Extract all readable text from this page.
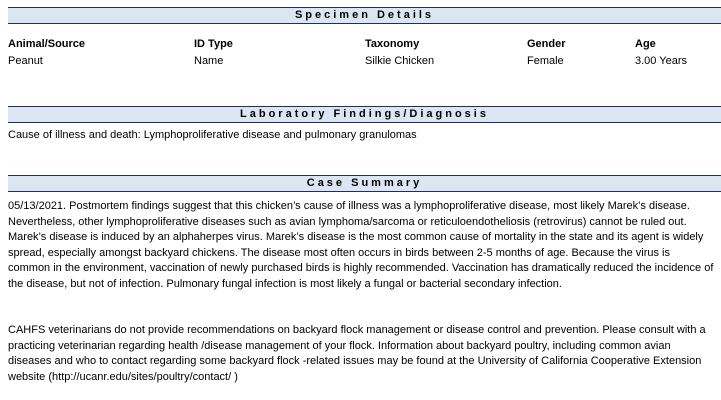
Specimen Details
Animal/Source
Peanut
ID Type
Name
Taxonomy
Silkie Chicken
Gender
Female
Age
3.00 Years
Laboratory Findings/Diagnosis
Cause of illness and death: Lymphoproliferative disease and pulmonary granulomas
Case Summary
05/13/2021. Postmortem findings suggest that this chicken’s cause of illness was a lymphoproliferative disease, most likely Marek’s disease. Nevertheless, other lymphoproliferative diseases such as avian lymphoma/sarcoma or reticuloendotheliosis (retrovirus) cannot be ruled out. Marek’s disease is induced by an alphaherpes virus. Marek’s disease is the most common cause of mortality in the state and its agent is widely spread, especially amongst backyard chickens. The disease most often occurs in birds between 2-5 months of age. Because the virus is common in the environment, vaccination of newly purchased birds is highly recommended. Vaccination has dramatically reduced the incidence of the disease, but not of infection. Pulmonary fungal infection is most likely a fungal or bacterial secondary infection.
CAHFS veterinarians do not provide recommendations on backyard flock management or disease control and prevention. Please consult with a practicing veterinarian regarding health /disease management of your flock. Information about backyard poultry, including common avian diseases and who to contact regarding some backyard flock -related issues may be found at the University of California Cooperative Extension website (http://ucanr.edu/sites/poultry/contact/ )
